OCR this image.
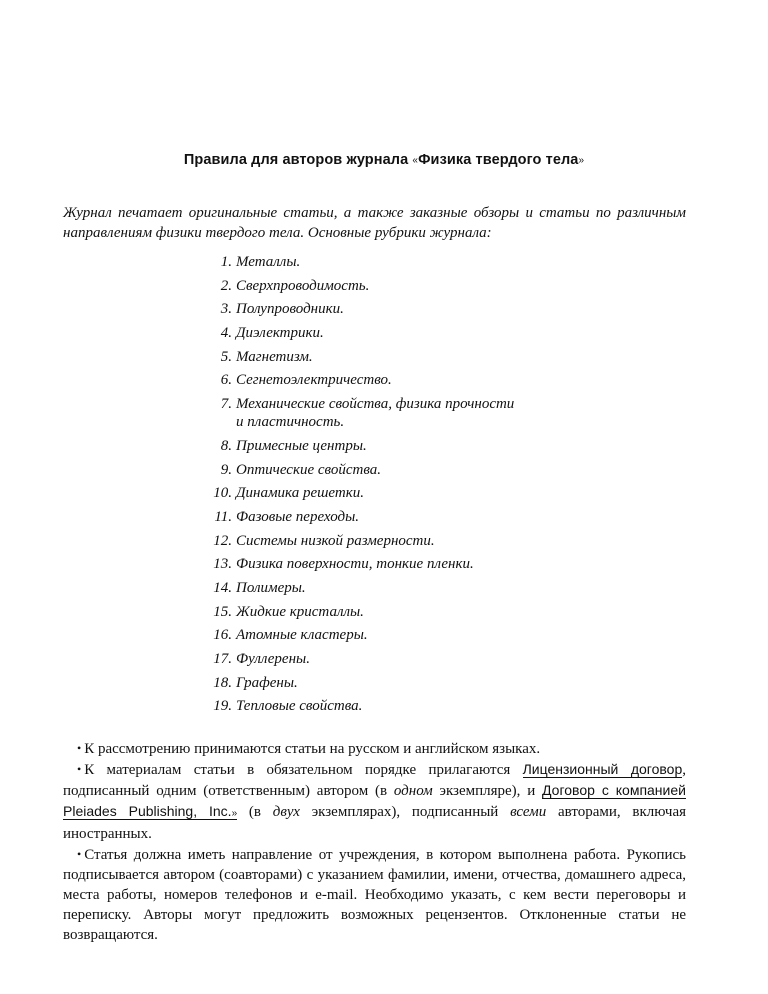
Правила для авторов журнала «Физика твердого тела»
Журнал печатает оригинальные статьи, а также заказные обзоры и статьи по различным направлениям физики твердого тела. Основные рубрики журнала:
1. Металлы.
2. Сверхпроводимость.
3. Полупроводники.
4. Диэлектрики.
5. Магнетизм.
6. Сегнетоэлектричество.
7. Механические свойства, физика прочности
и пластичность.
8. Примесные центры.
9. Оптические свойства.
10. Динамика решетки.
11. Фазовые переходы.
12. Системы низкой размерности.
13. Физика поверхности, тонкие пленки.
14. Полимеры.
15. Жидкие кристаллы.
16. Атомные кластеры.
17. Фуллерены.
18. Графены.
19. Тепловые свойства.

• К рассмотрению принимаются статьи на русском и английском языках.

• К материалам статьи в обязательном порядке прилагаются Лицензионный договор, подписанный одним (ответственным) автором (в одном экземпляре), и Договор с компанией Pleiades Publishing, Inc.» (в двух экземплярах), подписанный всеми авторами, включая иностранных.

• Статья должна иметь направление от учреждения, в котором выполнена работа. Рукопись подписывается автором (соавторами) с указанием фамилии, имени, отчества, домашнего адреса, места работы, номеров телефонов и e-mail. Необходимо указать, с кем вести переговоры и переписку. Авторы могут предложить возможных рецензентов. Отклоненные статьи не возвращаются.
